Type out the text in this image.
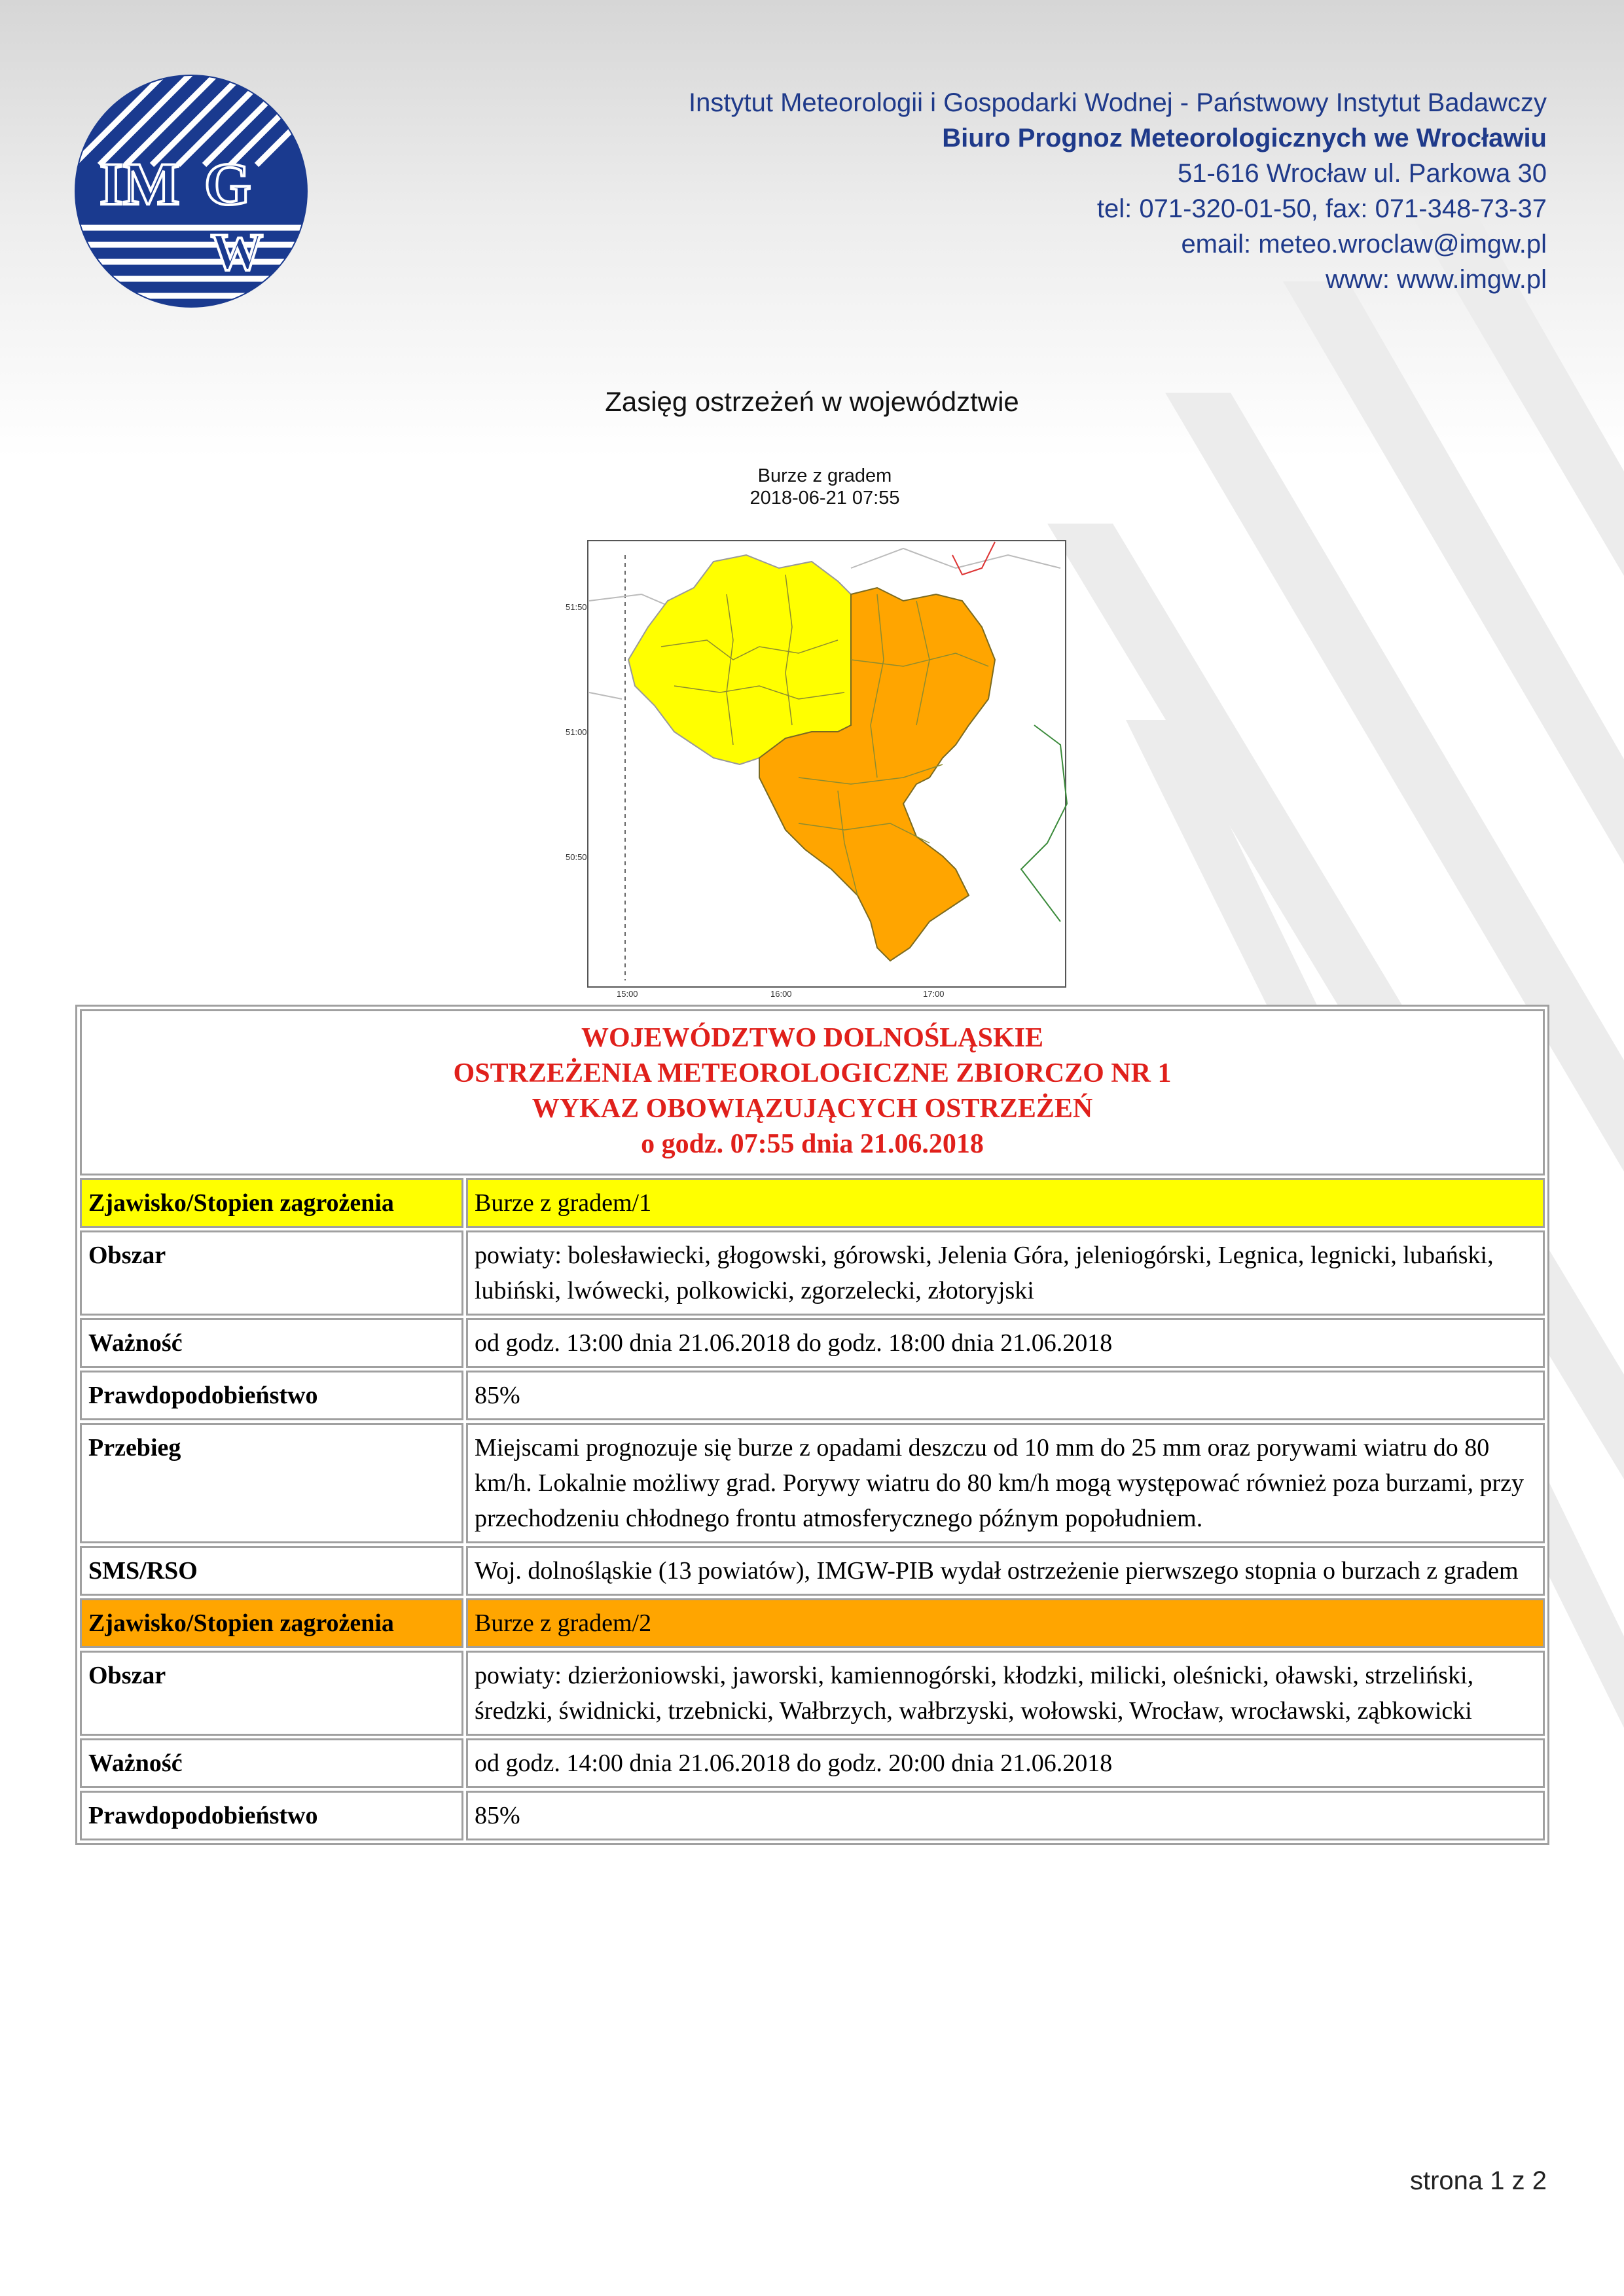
IM G
W
Instytut Meteorologii i Gospodarki Wodnej - Państwowy Instytut Badawczy
Biuro Prognoz Meteorologicznych we Wrocławiu
51-616 Wrocław ul. Parkowa 30
tel: 071-320-01-50, fax: 071-348-73-37
email: meteo.wroclaw@imgw.pl
www: www.imgw.pl
Zasięg ostrzeżeń w województwie
Burze z gradem
2018-06-21 07:55
51:50
51:00
50:50
15:00	16:00	17:00
WOJEWÓDZTWO DOLNOŚLĄSKIE
OSTRZEŻENIA METEOROLOGICZNE ZBIORCZO NR 1
WYKAZ OBOWIĄZUJĄCYCH OSTRZEŻEŃ
o godz. 07:55 dnia 21.06.2018	

Zjawisko/Stopien zagrożenia	Burze z gradem/1
Obszar	powiaty: bolesławiecki, głogowski, górowski, Jelenia Góra, jeleniogórski, Legnica, legnicki, lubański, lubiński, lwówecki, polkowicki, zgorzelecki, złotoryjski
Ważność	od godz. 13:00 dnia 21.06.2018 do godz. 18:00 dnia 21.06.2018
Prawdopodobieństwo	85%
Przebieg	Miejscami prognozuje się burze z opadami deszczu od 10 mm do 25 mm oraz porywami wiatru do 80 km/h. Lokalnie możliwy grad. Porywy wiatru do 80 km/h mogą występować również poza burzami, przy przechodzeniu chłodnego frontu atmosferycznego późnym popołudniem.
SMS/RSO	Woj. dolnośląskie (13 powiatów), IMGW-PIB wydał ostrzeżenie pierwszego stopnia o burzach z gradem
Zjawisko/Stopien zagrożenia	Burze z gradem/2
Obszar	powiaty: dzierżoniowski, jaworski, kamiennogórski, kłodzki, milicki, oleśnicki, oławski, strzeliński, średzki, świdnicki, trzebnicki, Wałbrzych, wałbrzyski, wołowski, Wrocław, wrocławski, ząbkowicki
Ważność	od godz. 14:00 dnia 21.06.2018 do godz. 20:00 dnia 21.06.2018
Prawdopodobieństwo	85%
strona 1 z 2
